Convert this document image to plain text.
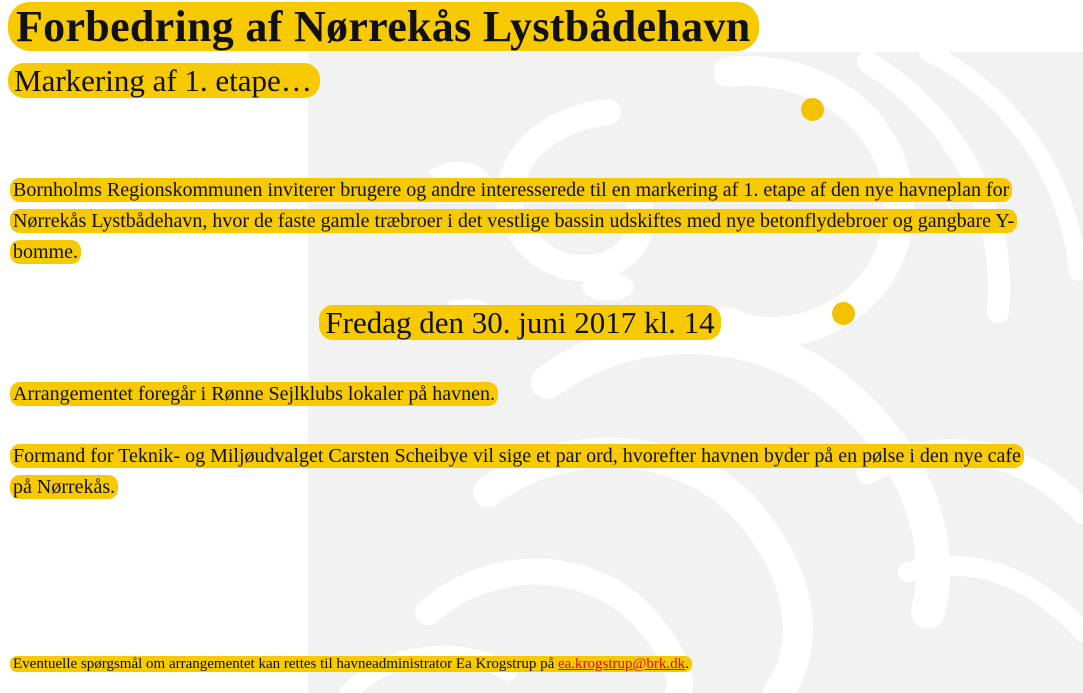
Forbedring af Nørrekås Lystbådehavn
Markering af 1. etape…

Bornholms Regionskommunen inviterer brugere og andre interesserede til en markering af 1. etape af den nye havneplan for Nørrekås Lystbådehavn, hvor de faste gamle træbroer i det vestlige bassin udskiftes med nye betonflydebroer og gangbare Y-bomme.

Fredag den 30. juni 2017 kl. 14

Arrangementet foregår i Rønne Sejlklubs lokaler på havnen.

Formand for Teknik- og Miljøudvalget Carsten Scheibye vil sige et par ord, hvorefter havnen byder på en pølse i den nye cafe på Nørrekås.

Eventuelle spørgsmål om arrangementet kan rettes til havneadministrator Ea Krogstrup på ea.krogstrup@brk.dk.
